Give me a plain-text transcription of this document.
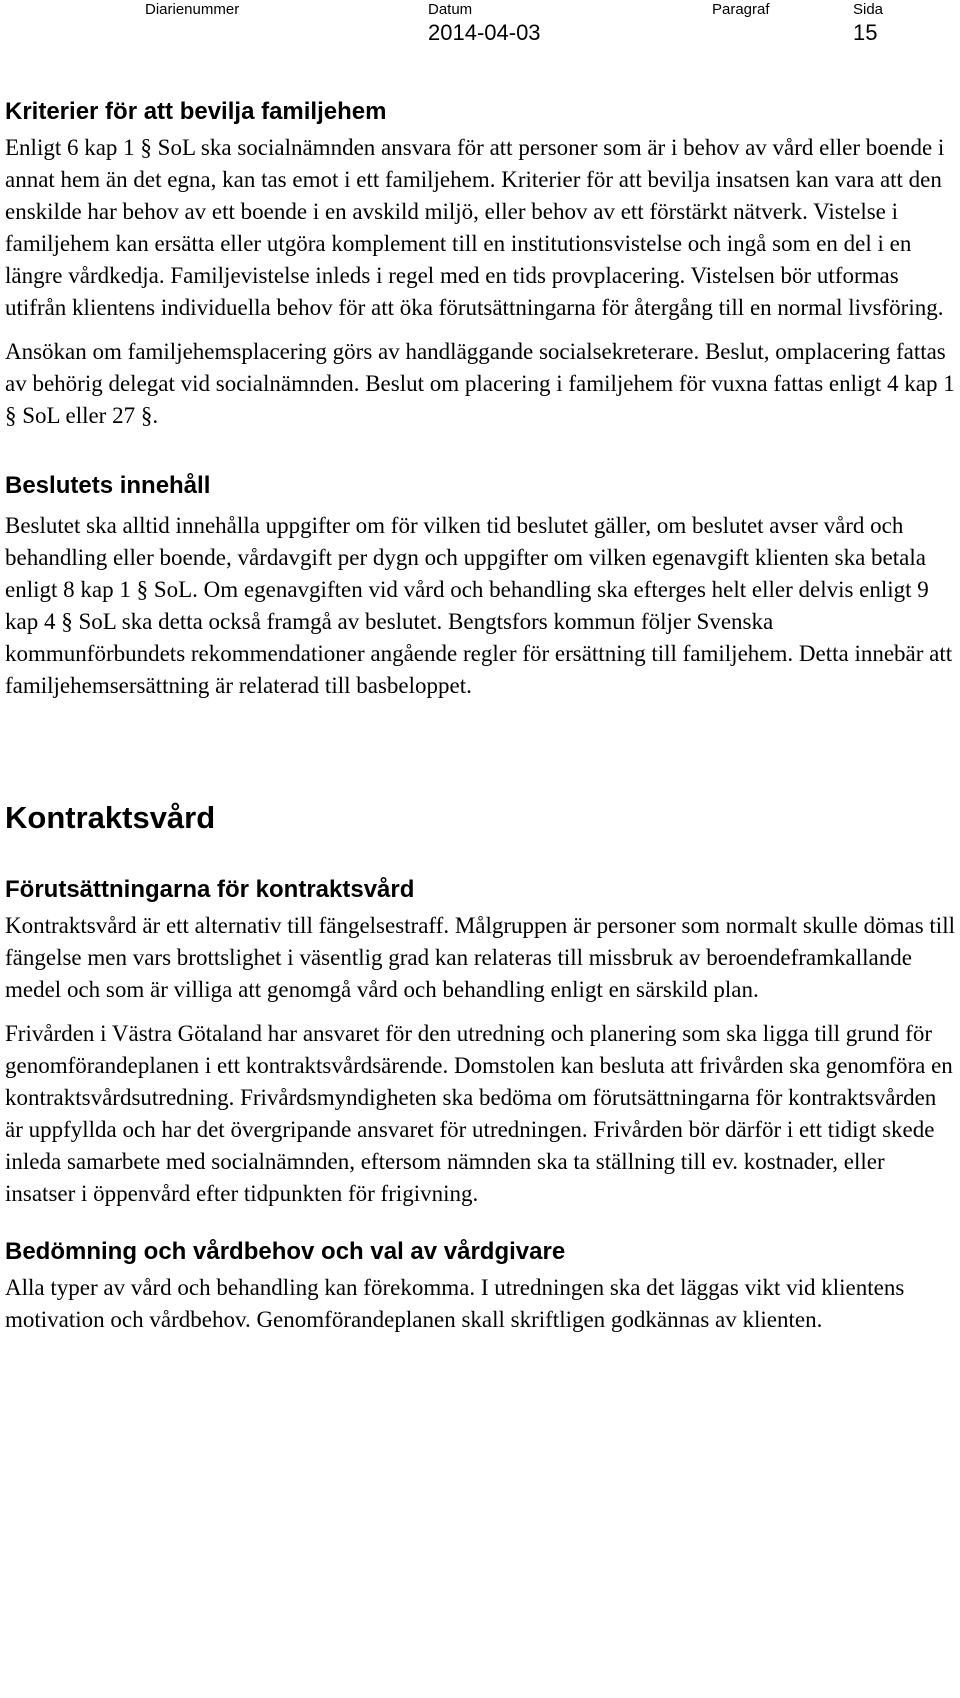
Diarienummer	Datum
2014-04-03
Paragraf	Sida
15
Kriterier för att bevilja familjehem

Enligt 6 kap 1 § SoL ska socialnämnden ansvara för att personer som är i behov av vård eller boende i annat hem än det egna, kan tas emot i ett familjehem. Kriterier för att bevilja insatsen kan vara att den enskilde har behov av ett boende i en avskild miljö, eller behov av ett förstärkt nätverk. Vistelse i familjehem kan ersätta eller utgöra komplement till en institutionsvistelse och ingå som en del i en längre vårdkedja. Familjevistelse inleds i regel med en tids provplacering. Vistelsen bör utformas utifrån klientens individuella behov för att öka förutsättningarna för återgång till en normal livsföring.

Ansökan om familjehemsplacering görs av handläggande socialsekreterare. Beslut, omplacering fattas av behörig delegat vid socialnämnden. Beslut om placering i familjehem för vuxna fattas enligt 4 kap 1 § SoL eller 27 §.

Beslutets innehåll

Beslutet ska alltid innehålla uppgifter om för vilken tid beslutet gäller, om beslutet avser vård och behandling eller boende, vårdavgift per dygn och uppgifter om vilken egenavgift klienten ska betala enligt 8 kap 1 § SoL. Om egenavgiften vid vård och behandling ska efterges helt eller delvis enligt 9 kap 4 § SoL ska detta också framgå av beslutet. Bengtsfors kommun följer Svenska kommunförbundets rekommendationer angående regler för ersättning till familjehem. Detta innebär att familjehemsersättning är relaterad till basbeloppet.

Kontraktsvård
Förutsättningarna för kontraktsvård

Kontraktsvård är ett alternativ till fängelsestraff. Målgruppen är personer som normalt skulle dömas till fängelse men vars brottslighet i väsentlig grad kan relateras till missbruk av beroendeframkallande medel och som är villiga att genomgå vård och behandling enligt en särskild plan.

Frivården i Västra Götaland har ansvaret för den utredning och planering som ska ligga till grund för genomförandeplanen i ett kontraktsvårdsärende. Domstolen kan besluta att frivården ska genomföra en kontraktsvårdsutredning. Frivårdsmyndigheten ska bedöma om förutsättningarna för kontraktsvården är uppfyllda och har det övergripande ansvaret för utredningen. Frivården bör därför i ett tidigt skede inleda samarbete med socialnämnden, eftersom nämnden ska ta ställning till ev. kostnader, eller insatser i öppenvård efter tidpunkten för frigivning.

Bedömning och vårdbehov och val av vårdgivare

Alla typer av vård och behandling kan förekomma. I utredningen ska det läggas vikt vid klientens motivation och vårdbehov. Genomförandeplanen skall skriftligen godkännas av klienten.
